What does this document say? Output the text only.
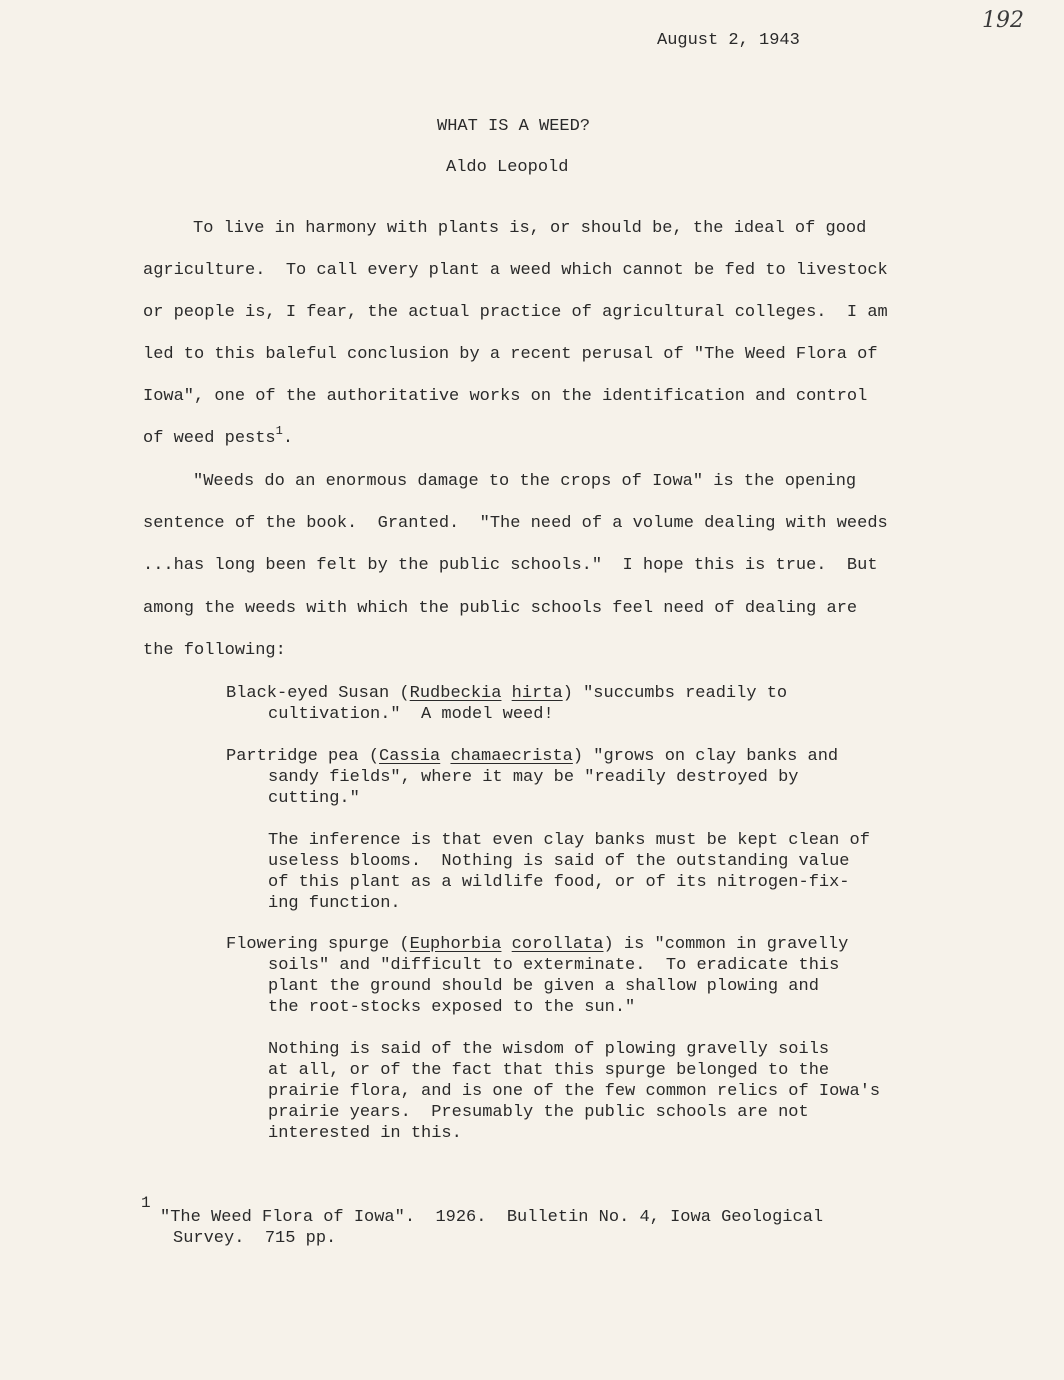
192
August 2, 1943
WHAT IS A WEED?
Aldo Leopold
To live in harmony with plants is, or should be, the ideal of good
agriculture.  To call every plant a weed which cannot be fed to livestock
or people is, I fear, the actual practice of agricultural colleges.  I am
led to this baleful conclusion by a recent perusal of "The Weed Flora of
Iowa", one of the authoritative works on the identification and control
of weed pests$^1$.
"Weeds do an enormous damage to the crops of Iowa" is the opening
sentence of the book.  Granted.  "The need of a volume dealing with weeds
...has long been felt by the public schools."  I hope this is true.  But
among the weeds with which the public schools feel need of dealing are
the following:
Black-eyed Susan (Rudbeckia hirta) "succumbs readily to
cultivation."  A model weed!
Partridge pea (Cassia chamaecrista) "grows on clay banks and
sandy fields", where it may be "readily destroyed by
cutting."
The inference is that even clay banks must be kept clean of
useless blooms.  Nothing is said of the outstanding value
of this plant as a wildlife food, or of its nitrogen-fix-
ing function.
Flowering spurge (Euphorbia corollata) is "common in gravelly
soils" and "difficult to exterminate.  To eradicate this
plant the ground should be given a shallow plowing and
the root-stocks exposed to the sun."
Nothing is said of the wisdom of plowing gravelly soils
at all, or of the fact that this spurge belonged to the
prairie flora, and is one of the few common relics of Iowa's
prairie years.  Presumably the public schools are not
interested in this.
1
"The Weed Flora of Iowa".  1926.  Bulletin No. 4, Iowa Geological
Survey.  715 pp.
